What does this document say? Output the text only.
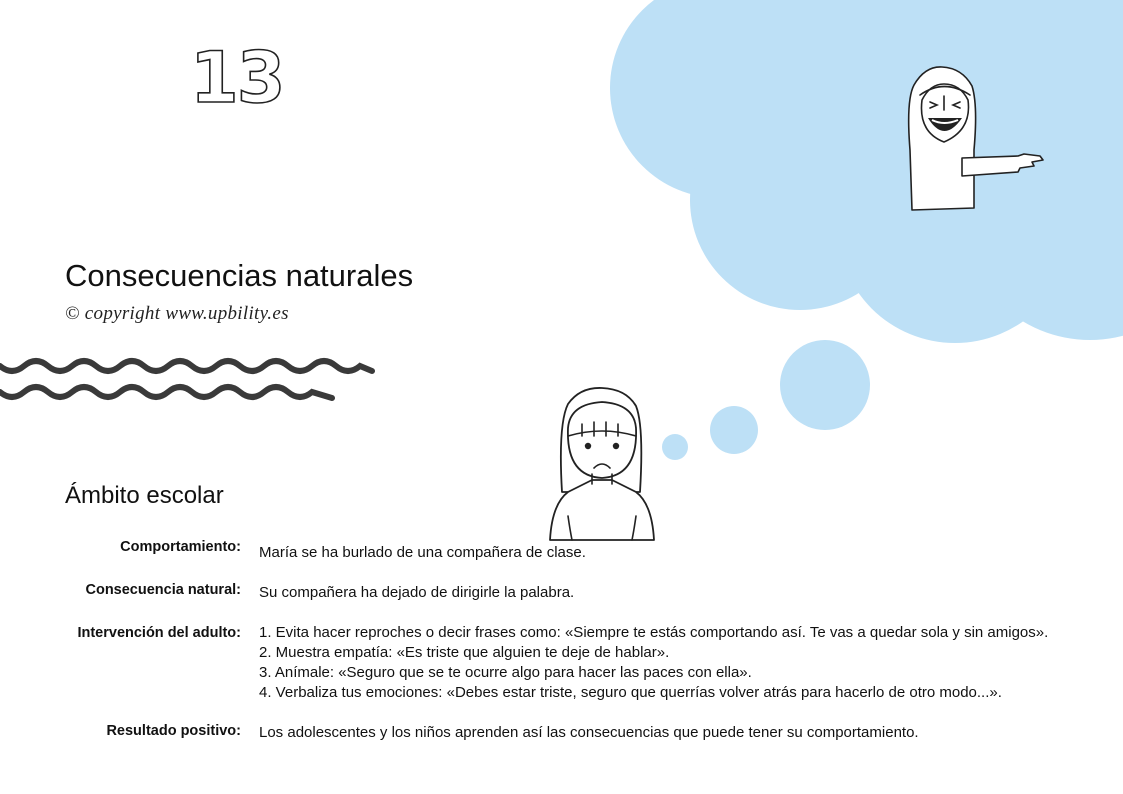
13
Consecuencias naturales
© copyright www.upbility.es
Ámbito escolar
Comportamiento: María se ha burlado de una compañera de clase.
Consecuencia natural: Su compañera ha dejado de dirigirle la palabra.
Intervención del adulto: 1. Evita hacer reproches o decir frases como: «Siempre te estás comportando así. Te vas a quedar sola y sin amigos».
2. Muestra empatía: «Es triste que alguien te deje de hablar».
3. Anímale: «Seguro que se te ocurre algo para hacer las paces con ella».
4. Verbaliza tus emociones: «Debes estar triste, seguro que querrías volver atrás para hacerlo de otro modo...».
Resultado positivo: Los adolescentes y los niños aprenden así las consecuencias que puede tener su comportamiento.
